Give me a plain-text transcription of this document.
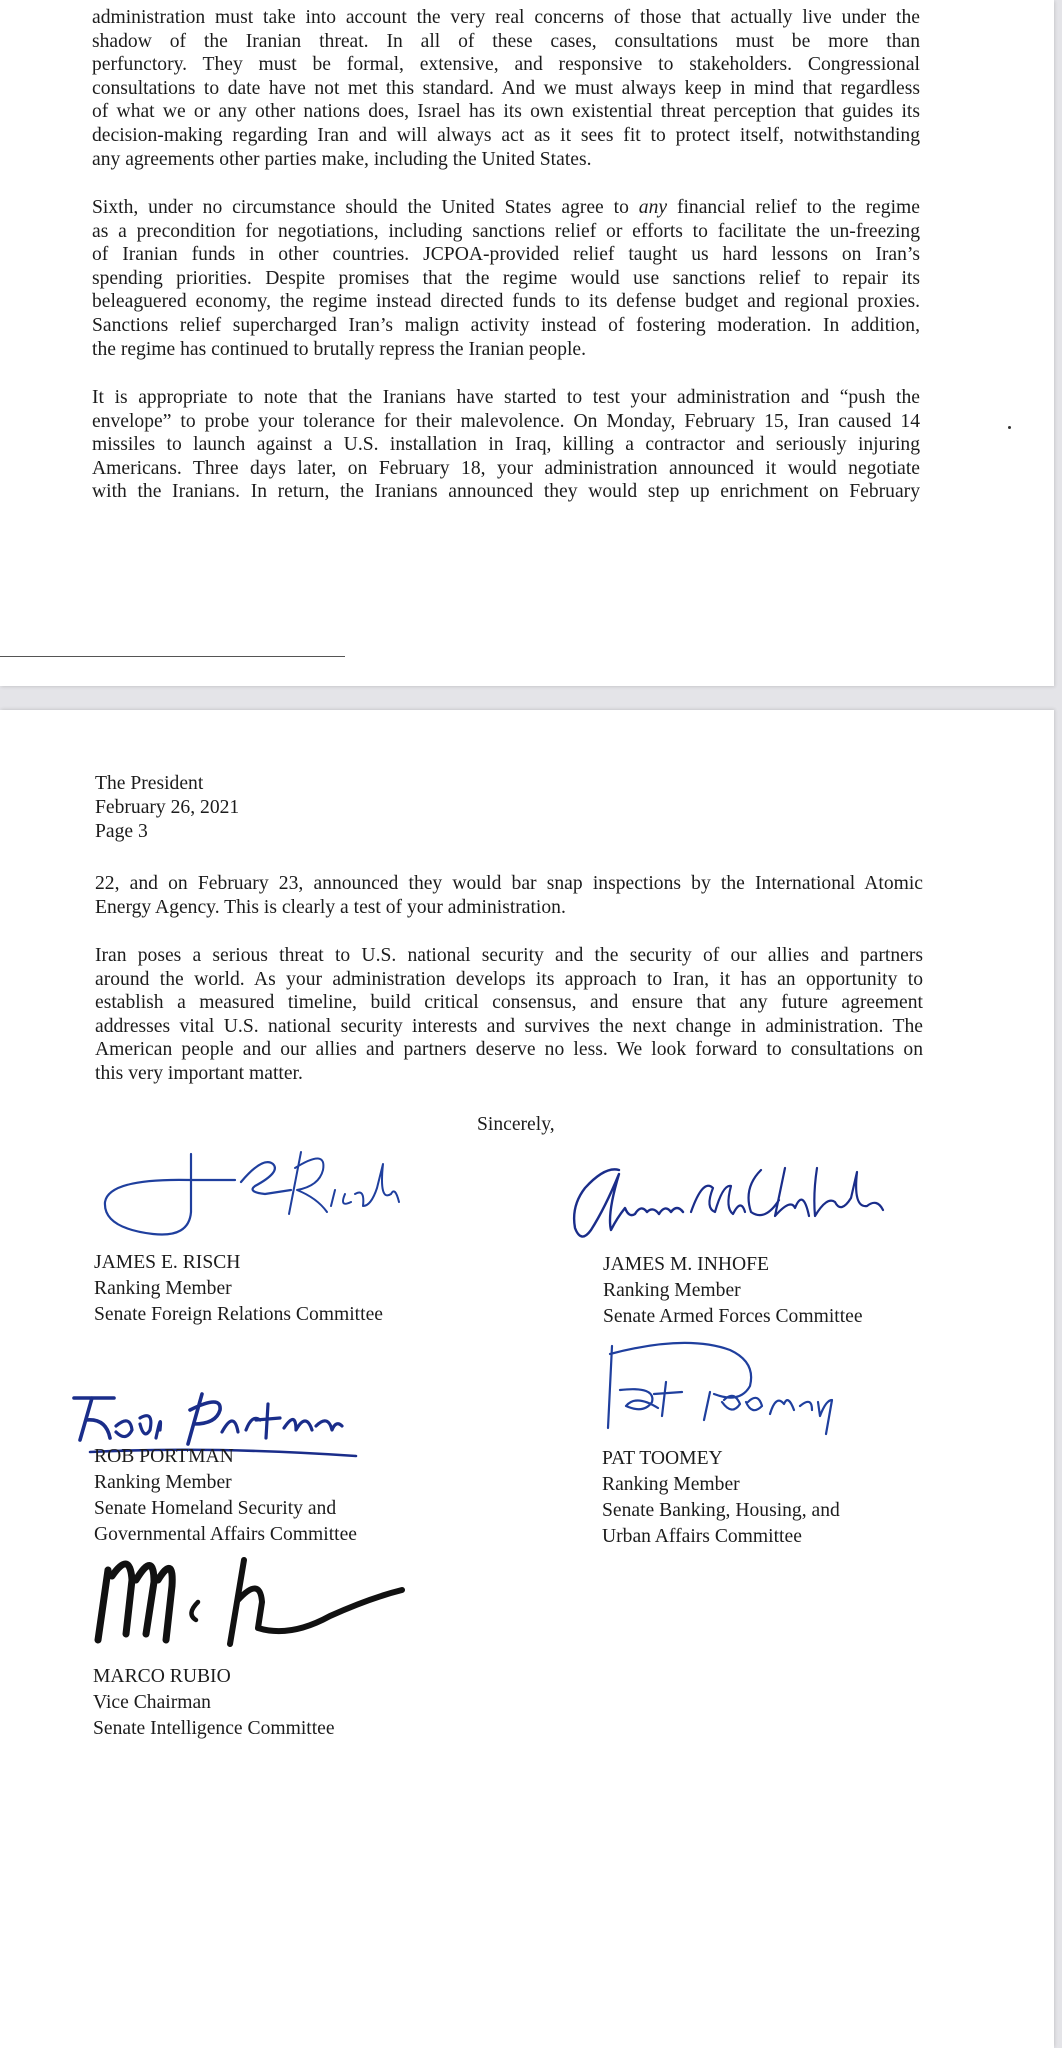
administration must take into account the very real concerns of those that actually live under the
shadow of the Iranian threat. In all of these cases, consultations must be more than
perfunctory. They must be formal, extensive, and responsive to stakeholders. Congressional
consultations to date have not met this standard. And we must always keep in mind that regardless
of what we or any other nations does, Israel has its own existential threat perception that guides its
decision-making regarding Iran and will always act as it sees fit to protect itself, notwithstanding
any agreements other parties make, including the United States.

Sixth, under no circumstance should the United States agree to any financial relief to the regime
as a precondition for negotiations, including sanctions relief or efforts to facilitate the un-freezing
of Iranian funds in other countries. JCPOA-provided relief taught us hard lessons on Iran’s
spending priorities. Despite promises that the regime would use sanctions relief to repair its
beleaguered economy, the regime instead directed funds to its defense budget and regional proxies.
Sanctions relief supercharged Iran’s malign activity instead of fostering moderation. In addition,
the regime has continued to brutally repress the Iranian people.

It is appropriate to note that the Iranians have started to test your administration and “push the
envelope” to probe your tolerance for their malevolence. On Monday, February 15, Iran caused 14
missiles to launch against a U.S. installation in Iraq, killing a contractor and seriously injuring
Americans. Three days later, on February 18, your administration announced it would negotiate
with the Iranians. In return, the Iranians announced they would step up enrichment on February

The President

February 26, 2021

Page 3

22, and on February 23, announced they would bar snap inspections by the International Atomic
Energy Agency. This is clearly a test of your administration.

Iran poses a serious threat to U.S. national security and the security of our allies and partners
around the world. As your administration develops its approach to Iran, it has an opportunity to
establish a measured timeline, build critical consensus, and ensure that any future agreement
addresses vital U.S. national security interests and survives the next change in administration. The
American people and our allies and partners deserve no less. We look forward to consultations on
this very important matter.

Sincerely,

JAMES E. RISCH
Ranking Member
Senate Foreign Relations Committee
JAMES M. INHOFE
Ranking Member
Senate Armed Forces Committee
ROB PORTMAN
Ranking Member
Senate Homeland Security and
Governmental Affairs Committee
PAT TOOMEY
Ranking Member
Senate Banking, Housing, and
Urban Affairs Committee
MARCO RUBIO
Vice Chairman
Senate Intelligence Committee
